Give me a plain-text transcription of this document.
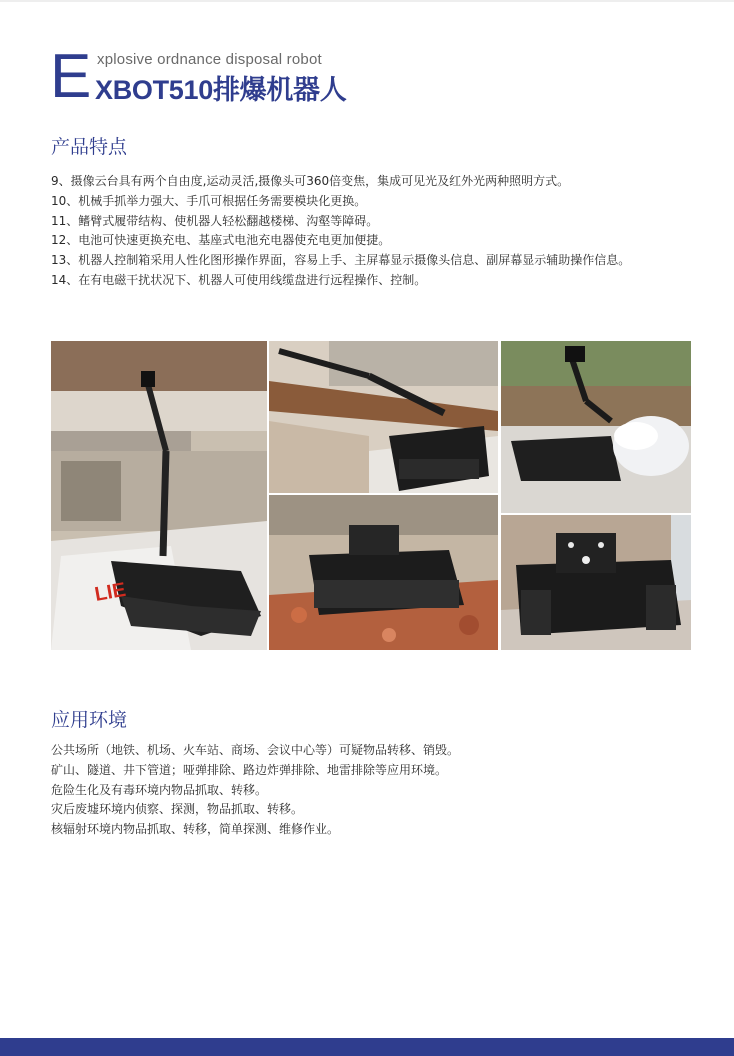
E xplosive ordnance disposal robot
XBOT510排爆机器人
产品特点
9、摄像云台具有两个自由度,运动灵活,摄像头可360倍变焦，集成可见光及红外光两种照明方式。
10、机械手抓举力强大、手爪可根据任务需要模块化更换。
11、鳍臂式履带结构、使机器人轻松翻越楼梯、沟壑等障碍。
12、电池可快速更换充电、基座式电池充电器使充电更加便捷。
13、机器人控制箱采用人性化图形操作界面，容易上手、主屏幕显示摄像头信息、副屏幕显示辅助操作信息。
14、在有电磁干扰状况下、机器人可使用线缆盘进行远程操作、控制。
LIE
应用环境
公共场所（地铁、机场、火车站、商场、会议中心等）可疑物品转移、销毁。
矿山、隧道、井下管道；哑弹排除、路边炸弹排除、地雷排除等应用环境。
危险生化及有毒环境内物品抓取、转移。
灾后废墟环境内侦察、探测，物品抓取、转移。
核辐射环境内物品抓取、转移，简单探测、维修作业。
